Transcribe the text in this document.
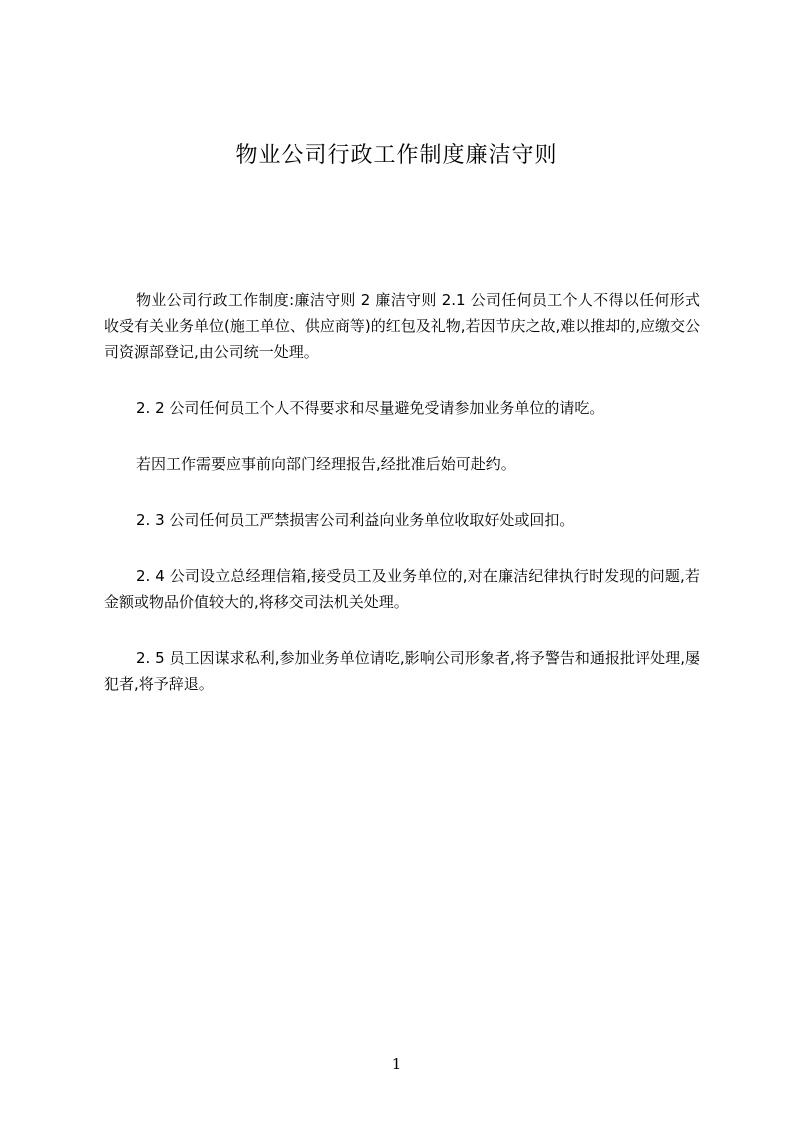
物业公司行政工作制度廉洁守则

物业公司行政工作制度:廉洁守则 2 廉洁守则 2.1 公司任何员工个人不得以任何形式收受有关业务单位(施工单位、供应商等)的红包及礼物,若因节庆之故,难以推却的,应缴交公司资源部登记,由公司统一处理。

2. 2 公司任何员工个人不得要求和尽量避免受请参加业务单位的请吃。

若因工作需要应事前向部门经理报告,经批准后始可赴约。

2. 3 公司任何员工严禁损害公司利益向业务单位收取好处或回扣。

2. 4 公司设立总经理信箱,接受员工及业务单位的,对在廉洁纪律执行时发现的问题,若金额或物品价值较大的,将移交司法机关处理。

2. 5 员工因谋求私利,参加业务单位请吃,影响公司形象者,将予警告和通报批评处理,屡犯者,将予辞退。

1
